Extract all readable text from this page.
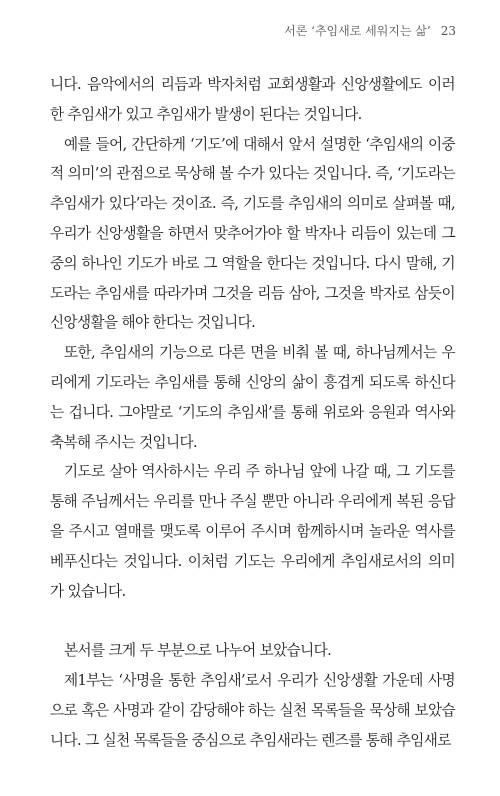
서론 ‘추임새로 세워지는 삶’ 23

니다. 음악에서의 리듬과 박자처럼 교회생활과 신앙생활에도 이러한 추임새가 있고 추임새가 발생이 된다는 것입니다.

예를 들어, 간단하게 ‘기도’에 대해서 앞서 설명한 ‘추임새의 이중적 의미’의 관점으로 묵상해 볼 수가 있다는 것입니다. 즉, ‘기도라는 추임새가 있다’라는 것이죠. 즉, 기도를 추임새의 의미로 살펴볼 때, 우리가 신앙생활을 하면서 맞추어가야 할 박자나 리듬이 있는데 그중의 하나인 기도가 바로 그 역할을 한다는 것입니다. 다시 말해, 기도라는 추임새를 따라가며 그것을 리듬 삼아, 그것을 박자로 삼듯이 신앙생활을 해야 한다는 것입니다.

또한, 추임새의 기능으로 다른 면을 비춰 볼 때, 하나님께서는 우리에게 기도라는 추임새를 통해 신앙의 삶이 흥겹게 되도록 하신다는 겁니다. 그야말로 ‘기도의 추임새’를 통해 위로와 응원과 역사와 축복해 주시는 것입니다.

기도로 살아 역사하시는 우리 주 하나님 앞에 나갈 때, 그 기도를 통해 주님께서는 우리를 만나 주실 뿐만 아니라 우리에게 복된 응답을 주시고 열매를 맺도록 이루어 주시며 함께하시며 놀라운 역사를 베푸신다는 것입니다. 이처럼 기도는 우리에게 추임새로서의 의미가 있습니다.

본서를 크게 두 부분으로 나누어 보았습니다.

제1부는 ‘사명을 통한 추임새’로서 우리가 신앙생활 가운데 사명으로 혹은 사명과 같이 감당해야 하는 실천 목록들을 묵상해 보았습니다. 그 실천 목록들을 중심으로 추임새라는 렌즈를 통해 추임새로
